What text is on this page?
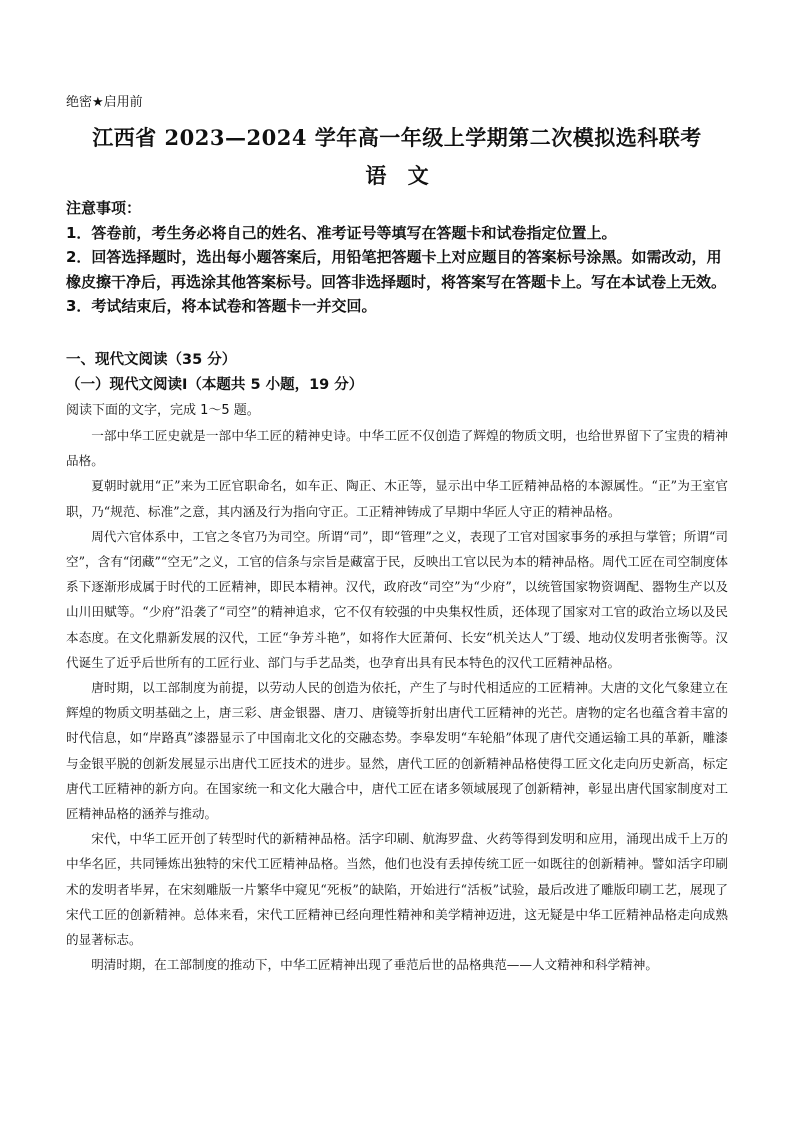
绝密★启用前
江西省 2023—2024 学年高一年级上学期第二次模拟选科联考
语 文
注意事项：
1．答卷前，考生务必将自己的姓名、准考证号等填写在答题卡和试卷指定位置上。
2．回答选择题时，选出每小题答案后，用铅笔把答题卡上对应题目的答案标号涂黑。如需改动，用橡皮擦干净后，再选涂其他答案标号。回答非选择题时，将答案写在答题卡上。写在本试卷上无效。
3．考试结束后，将本试卷和答题卡一并交回。
一、现代文阅读（35 分）
（一）现代文阅读Ⅰ（本题共 5 小题，19 分）
阅读下面的文字，完成 1～5 题。

一部中华工匠史就是一部中华工匠的精神史诗。中华工匠不仅创造了辉煌的物质文明，也给世界留下了宝贵的精神品格。

夏朝时就用“正”来为工匠官职命名，如车正、陶正、木正等，显示出中华工匠精神品格的本源属性。“正”为王室官职，乃“规范、标准”之意，其内涵及行为指向守正。工正精神铸成了早期中华匠人守正的精神品格。

周代六官体系中，工官之冬官乃为司空。所谓“司”，即“管理”之义，表现了工官对国家事务的承担与掌管；所谓“司空”，含有“闭藏”“空无”之义，工官的信条与宗旨是藏富于民，反映出工官以民为本的精神品格。周代工匠在司空制度体系下逐渐形成属于时代的工匠精神，即民本精神。汉代，政府改“司空”为“少府”，以统管国家物资调配、器物生产以及山川田赋等。“少府”沿袭了“司空”的精神追求，它不仅有较强的中央集权性质，还体现了国家对工官的政治立场以及民本态度。在文化鼎新发展的汉代，工匠“争芳斗艳”，如将作大匠萧何、长安“机关达人”丁缓、地动仪发明者张衡等。汉代诞生了近乎后世所有的工匠行业、部门与手艺品类，也孕育出具有民本特色的汉代工匠精神品格。

唐时期，以工部制度为前提，以劳动人民的创造为依托，产生了与时代相适应的工匠精神。大唐的文化气象建立在辉煌的物质文明基础之上，唐三彩、唐金银器、唐刀、唐镜等折射出唐代工匠精神的光芒。唐物的定名也蕴含着丰富的时代信息，如“岸路真”漆器显示了中国南北文化的交融态势。李皋发明“车轮船”体现了唐代交通运输工具的革新，雕漆与金银平脱的创新发展显示出唐代工匠技术的进步。显然，唐代工匠的创新精神品格使得工匠文化走向历史新高，标定唐代工匠精神的新方向。在国家统一和文化大融合中，唐代工匠在诸多领域展现了创新精神，彰显出唐代国家制度对工匠精神品格的涵养与推动。

宋代，中华工匠开创了转型时代的新精神品格。活字印刷、航海罗盘、火药等得到发明和应用，涌现出成千上万的中华名匠，共同锤炼出独特的宋代工匠精神品格。当然，他们也没有丢掉传统工匠一如既往的创新精神。譬如活字印刷术的发明者毕昇，在宋刻雕版一片繁华中窥见“死板”的缺陷，开始进行“活板”试验，最后改进了雕版印刷工艺，展现了宋代工匠的创新精神。总体来看，宋代工匠精神已经向理性精神和美学精神迈进，这无疑是中华工匠精神品格走向成熟的显著标志。

明清时期，在工部制度的推动下，中华工匠精神出现了垂范后世的品格典范——人文精神和科学精神。
